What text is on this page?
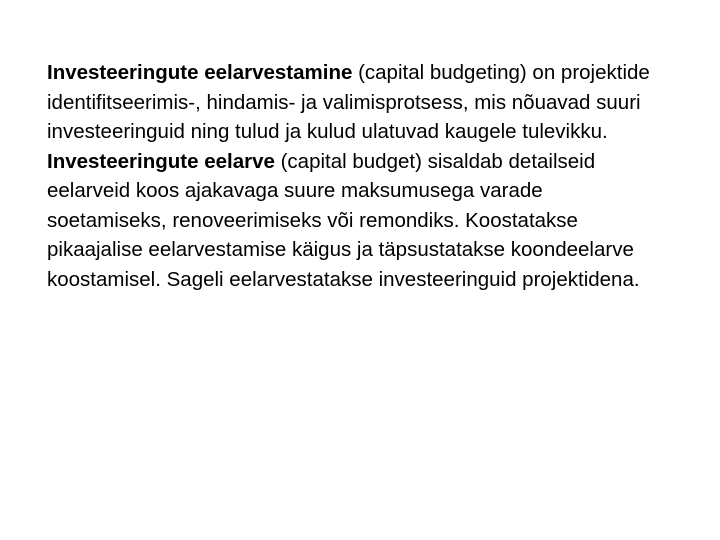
Investeeringute eelarvestamine (capital budgeting) on projektide identifitseerimis-, hindamis- ja valimisprotsess, mis nõuavad suuri investeeringuid ning tulud ja kulud ulatuvad kaugele tulevikku.

Investeeringute eelarve (capital budget) sisaldab detailseid eelarveid koos ajakavaga suure maksumusega varade soetamiseks, renoveerimiseks või remondiks. Koostatakse pikaajalise eelarvestamise käigus ja täpsustatakse koondeelarve koostamisel. Sageli eelarvestatakse investeeringuid projektidena.
